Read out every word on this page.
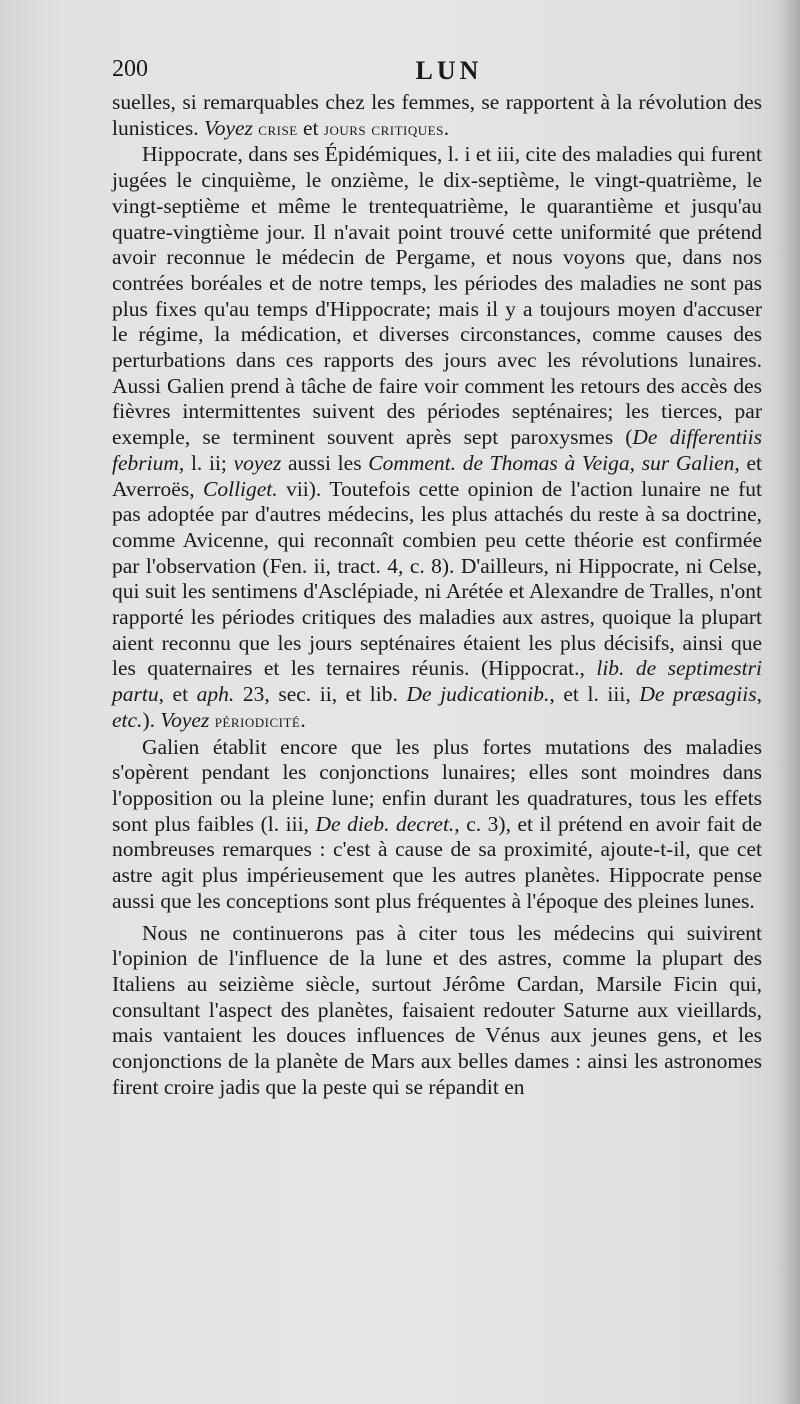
200	LUN

suelles, si remarquables chez les femmes, se rapportent à la révolution des lunistices. Voyez crise et jours critiques.

Hippocrate, dans ses Épidémiques, l. i et iii, cite des maladies qui furent jugées le cinquième, le onzième, le dix-septième, le vingt-quatrième, le vingt-septième et même le trentequatrième, le quarantième et jusqu'au quatre-vingtième jour. Il n'avait point trouvé cette uniformité que prétend avoir reconnue le médecin de Pergame, et nous voyons que, dans nos contrées boréales et de notre temps, les périodes des maladies ne sont pas plus fixes qu'au temps d'Hippocrate; mais il y a toujours moyen d'accuser le régime, la médication, et diverses circonstances, comme causes des perturbations dans ces rapports des jours avec les révolutions lunaires. Aussi Galien prend à tâche de faire voir comment les retours des accès des fièvres intermittentes suivent des périodes septénaires; les tierces, par exemple, se terminent souvent après sept paroxysmes (De differentiis febrium, l. ii; voyez aussi les Comment. de Thomas à Veiga, sur Galien, et Averroës, Colliget. vii). Toutefois cette opinion de l'action lunaire ne fut pas adoptée par d'autres médecins, les plus attachés du reste à sa doctrine, comme Avicenne, qui reconnaît combien peu cette théorie est confirmée par l'observation (Fen. ii, tract. 4, c. 8). D'ailleurs, ni Hippocrate, ni Celse, qui suit les sentimens d'Asclépiade, ni Arétée et Alexandre de Tralles, n'ont rapporté les périodes critiques des maladies aux astres, quoique la plupart aient reconnu que les jours septénaires étaient les plus décisifs, ainsi que les quaternaires et les ternaires réunis. (Hippocrat., lib. de septimestri partu, et aph. 23, sec. ii, et lib. De judicationib., et l. iii, De præsagiis, etc.). Voyez périodicité.

Galien établit encore que les plus fortes mutations des maladies s'opèrent pendant les conjonctions lunaires; elles sont moindres dans l'opposition ou la pleine lune; enfin durant les quadratures, tous les effets sont plus faibles (l. iii, De dieb. decret., c. 3), et il prétend en avoir fait de nombreuses remarques : c'est à cause de sa proximité, ajoute-t-il, que cet astre agit plus impérieusement que les autres planètes. Hippocrate pense aussi que les conceptions sont plus fréquentes à l'époque des pleines lunes.

Nous ne continuerons pas à citer tous les médecins qui suivirent l'opinion de l'influence de la lune et des astres, comme la plupart des Italiens au seizième siècle, surtout Jérôme Cardan, Marsile Ficin qui, consultant l'aspect des planètes, faisaient redouter Saturne aux vieillards, mais vantaient les douces influences de Vénus aux jeunes gens, et les conjonctions de la planète de Mars aux belles dames : ainsi les astronomes firent croire jadis que la peste qui se répandit en
